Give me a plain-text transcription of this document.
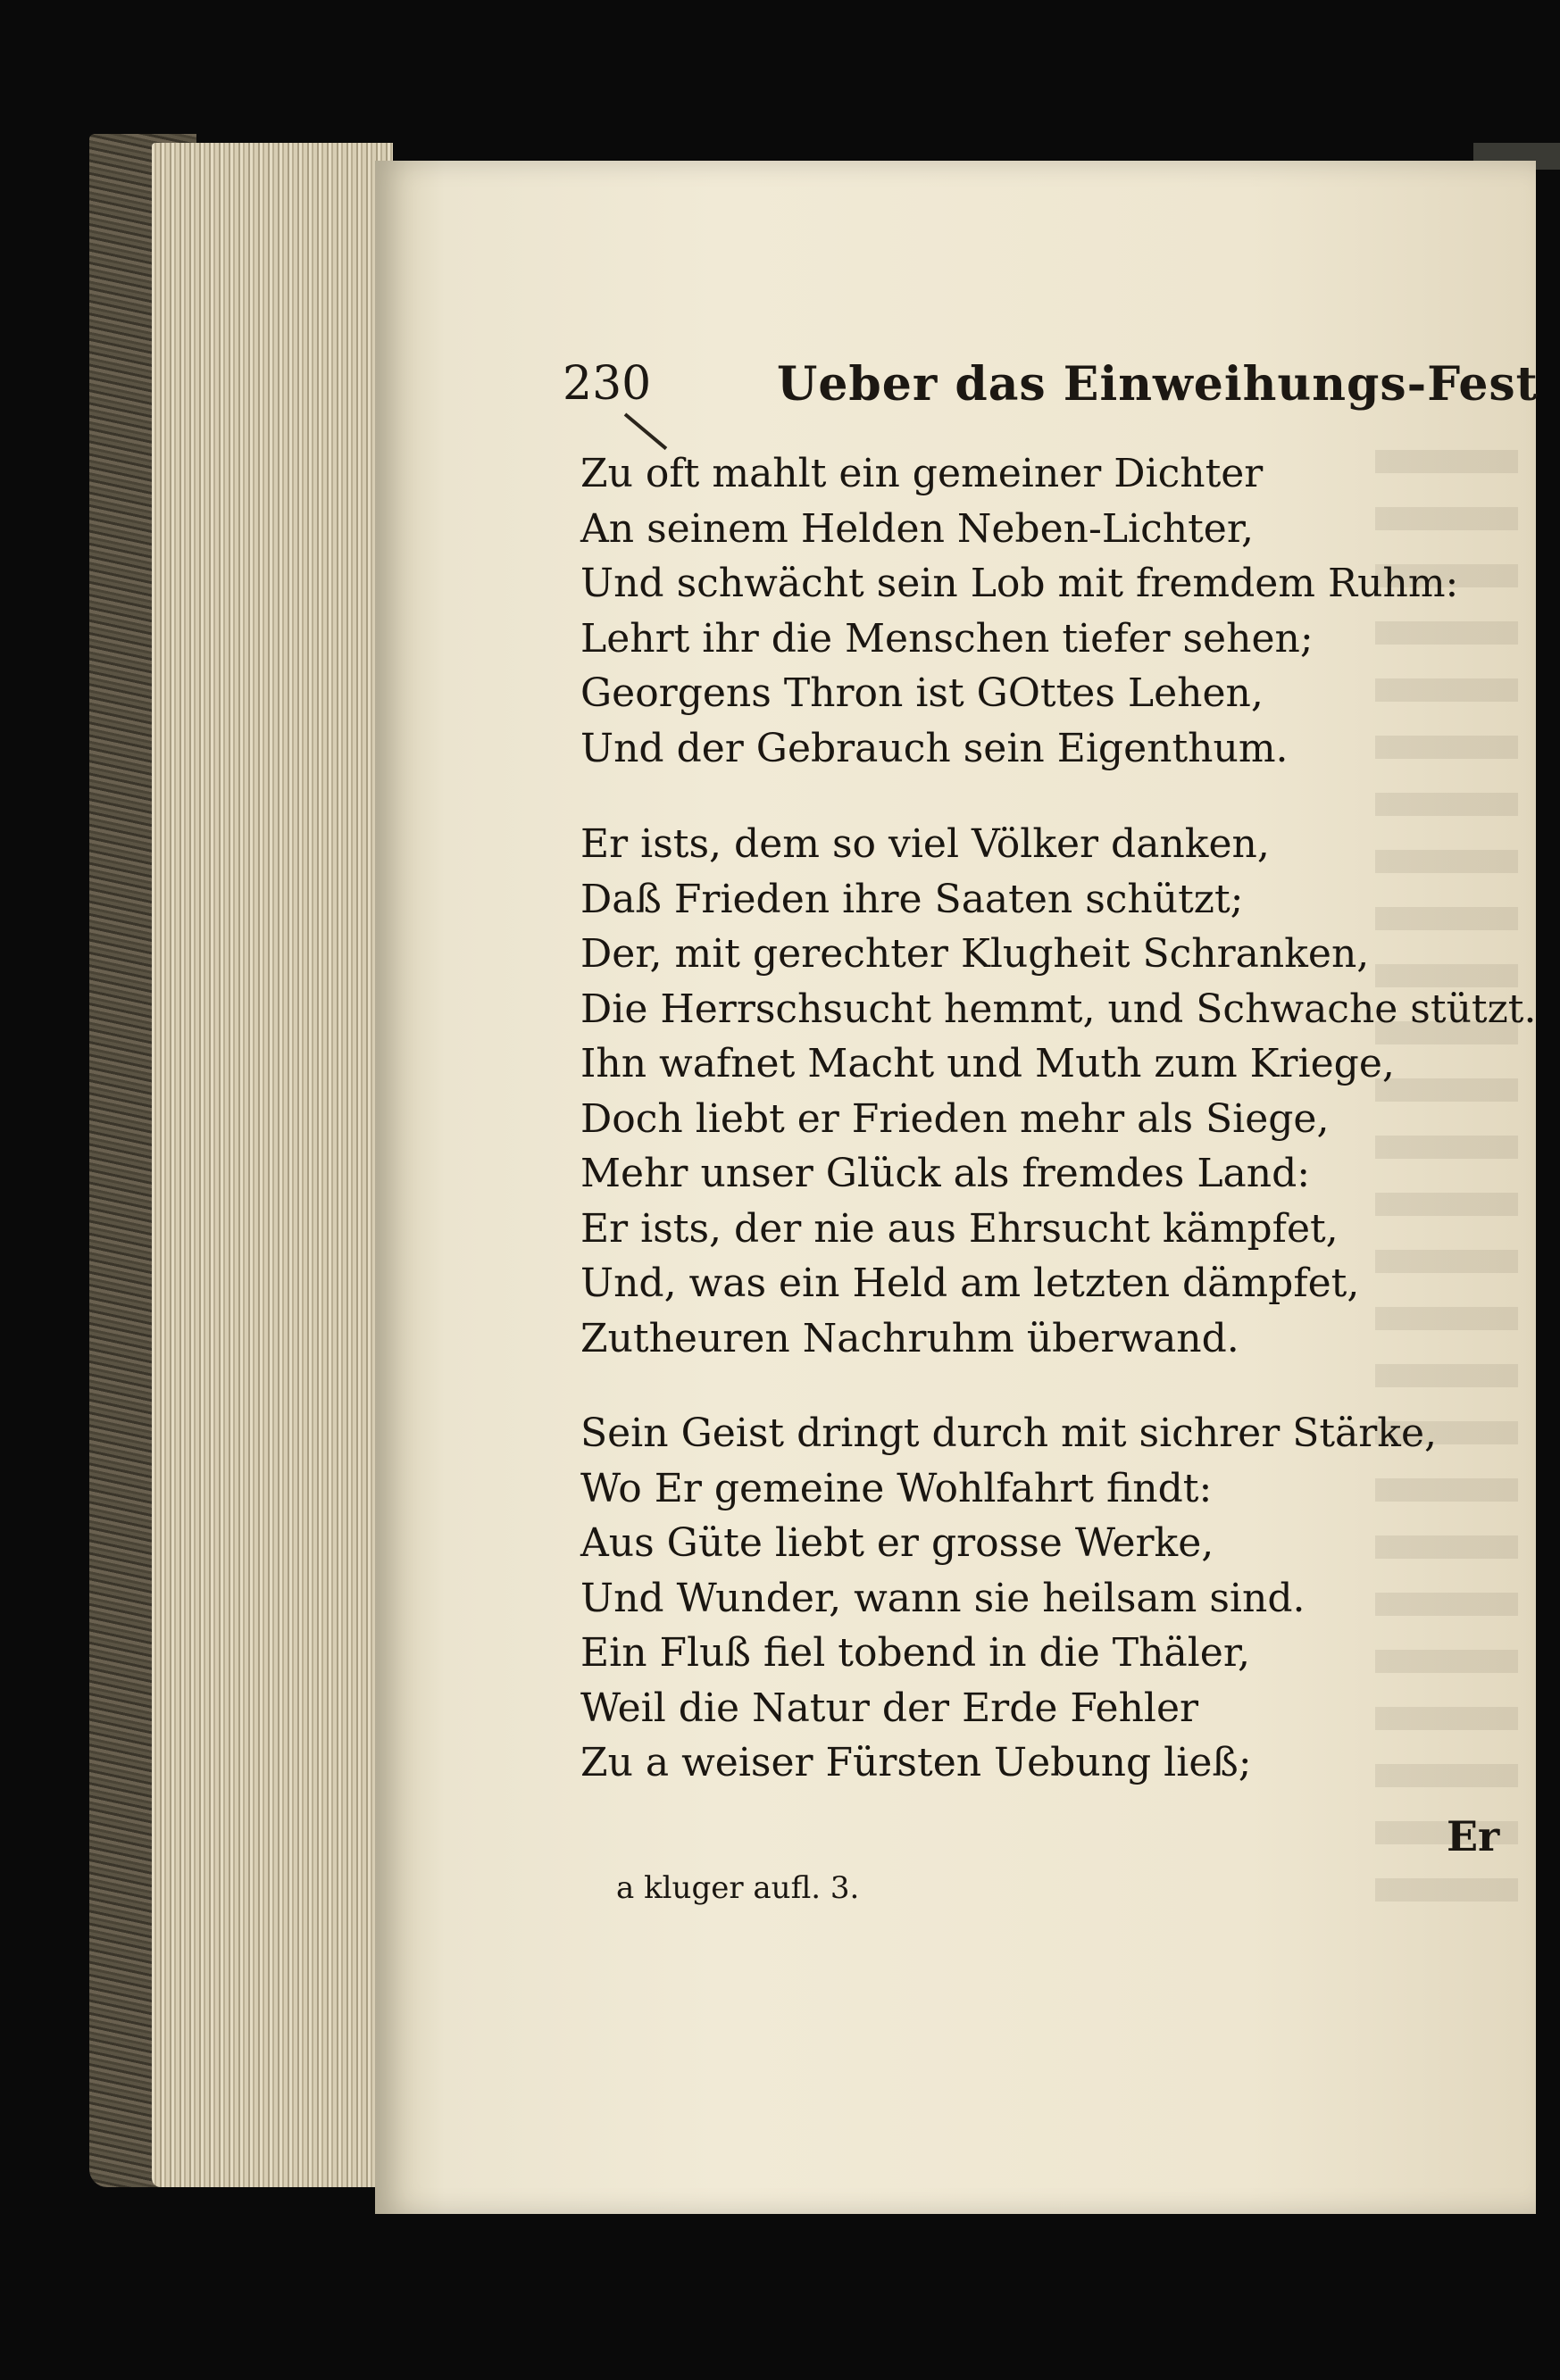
230	Ueber das Einweihungs-Fest
Zu oft mahlt ein gemeiner Dichter
An seinem Helden Neben-Lichter,
Und schwächt sein Lob mit fremdem Ruhm:
Lehrt ihr die Menschen tiefer sehen;
Georgens Thron ist GOttes Lehen,
Und der Gebrauch sein Eigenthum.
Er ists, dem so viel Völker danken,
Daß Frieden ihre Saaten schützt;
Der, mit gerechter Klugheit Schranken,
Die Herrschsucht hemmt, und Schwache stützt.
Ihn wafnet Macht und Muth zum Kriege,
Doch liebt er Frieden mehr als Siege,
Mehr unser Glück als fremdes Land:
Er ists, der nie aus Ehrsucht kämpfet,
Und, was ein Held am letzten dämpfet,
Zutheuren Nachruhm überwand.
Sein Geist dringt durch mit sichrer Stärke,
Wo Er gemeine Wohlfahrt findt:
Aus Güte liebt er grosse Werke,
Und Wunder, wann sie heilsam sind.
Ein Fluß fiel tobend in die Thäler,
Weil die Natur der Erde Fehler
Zu a weiser Fürsten Uebung ließ;
Er
a kluger aufl. 3.
